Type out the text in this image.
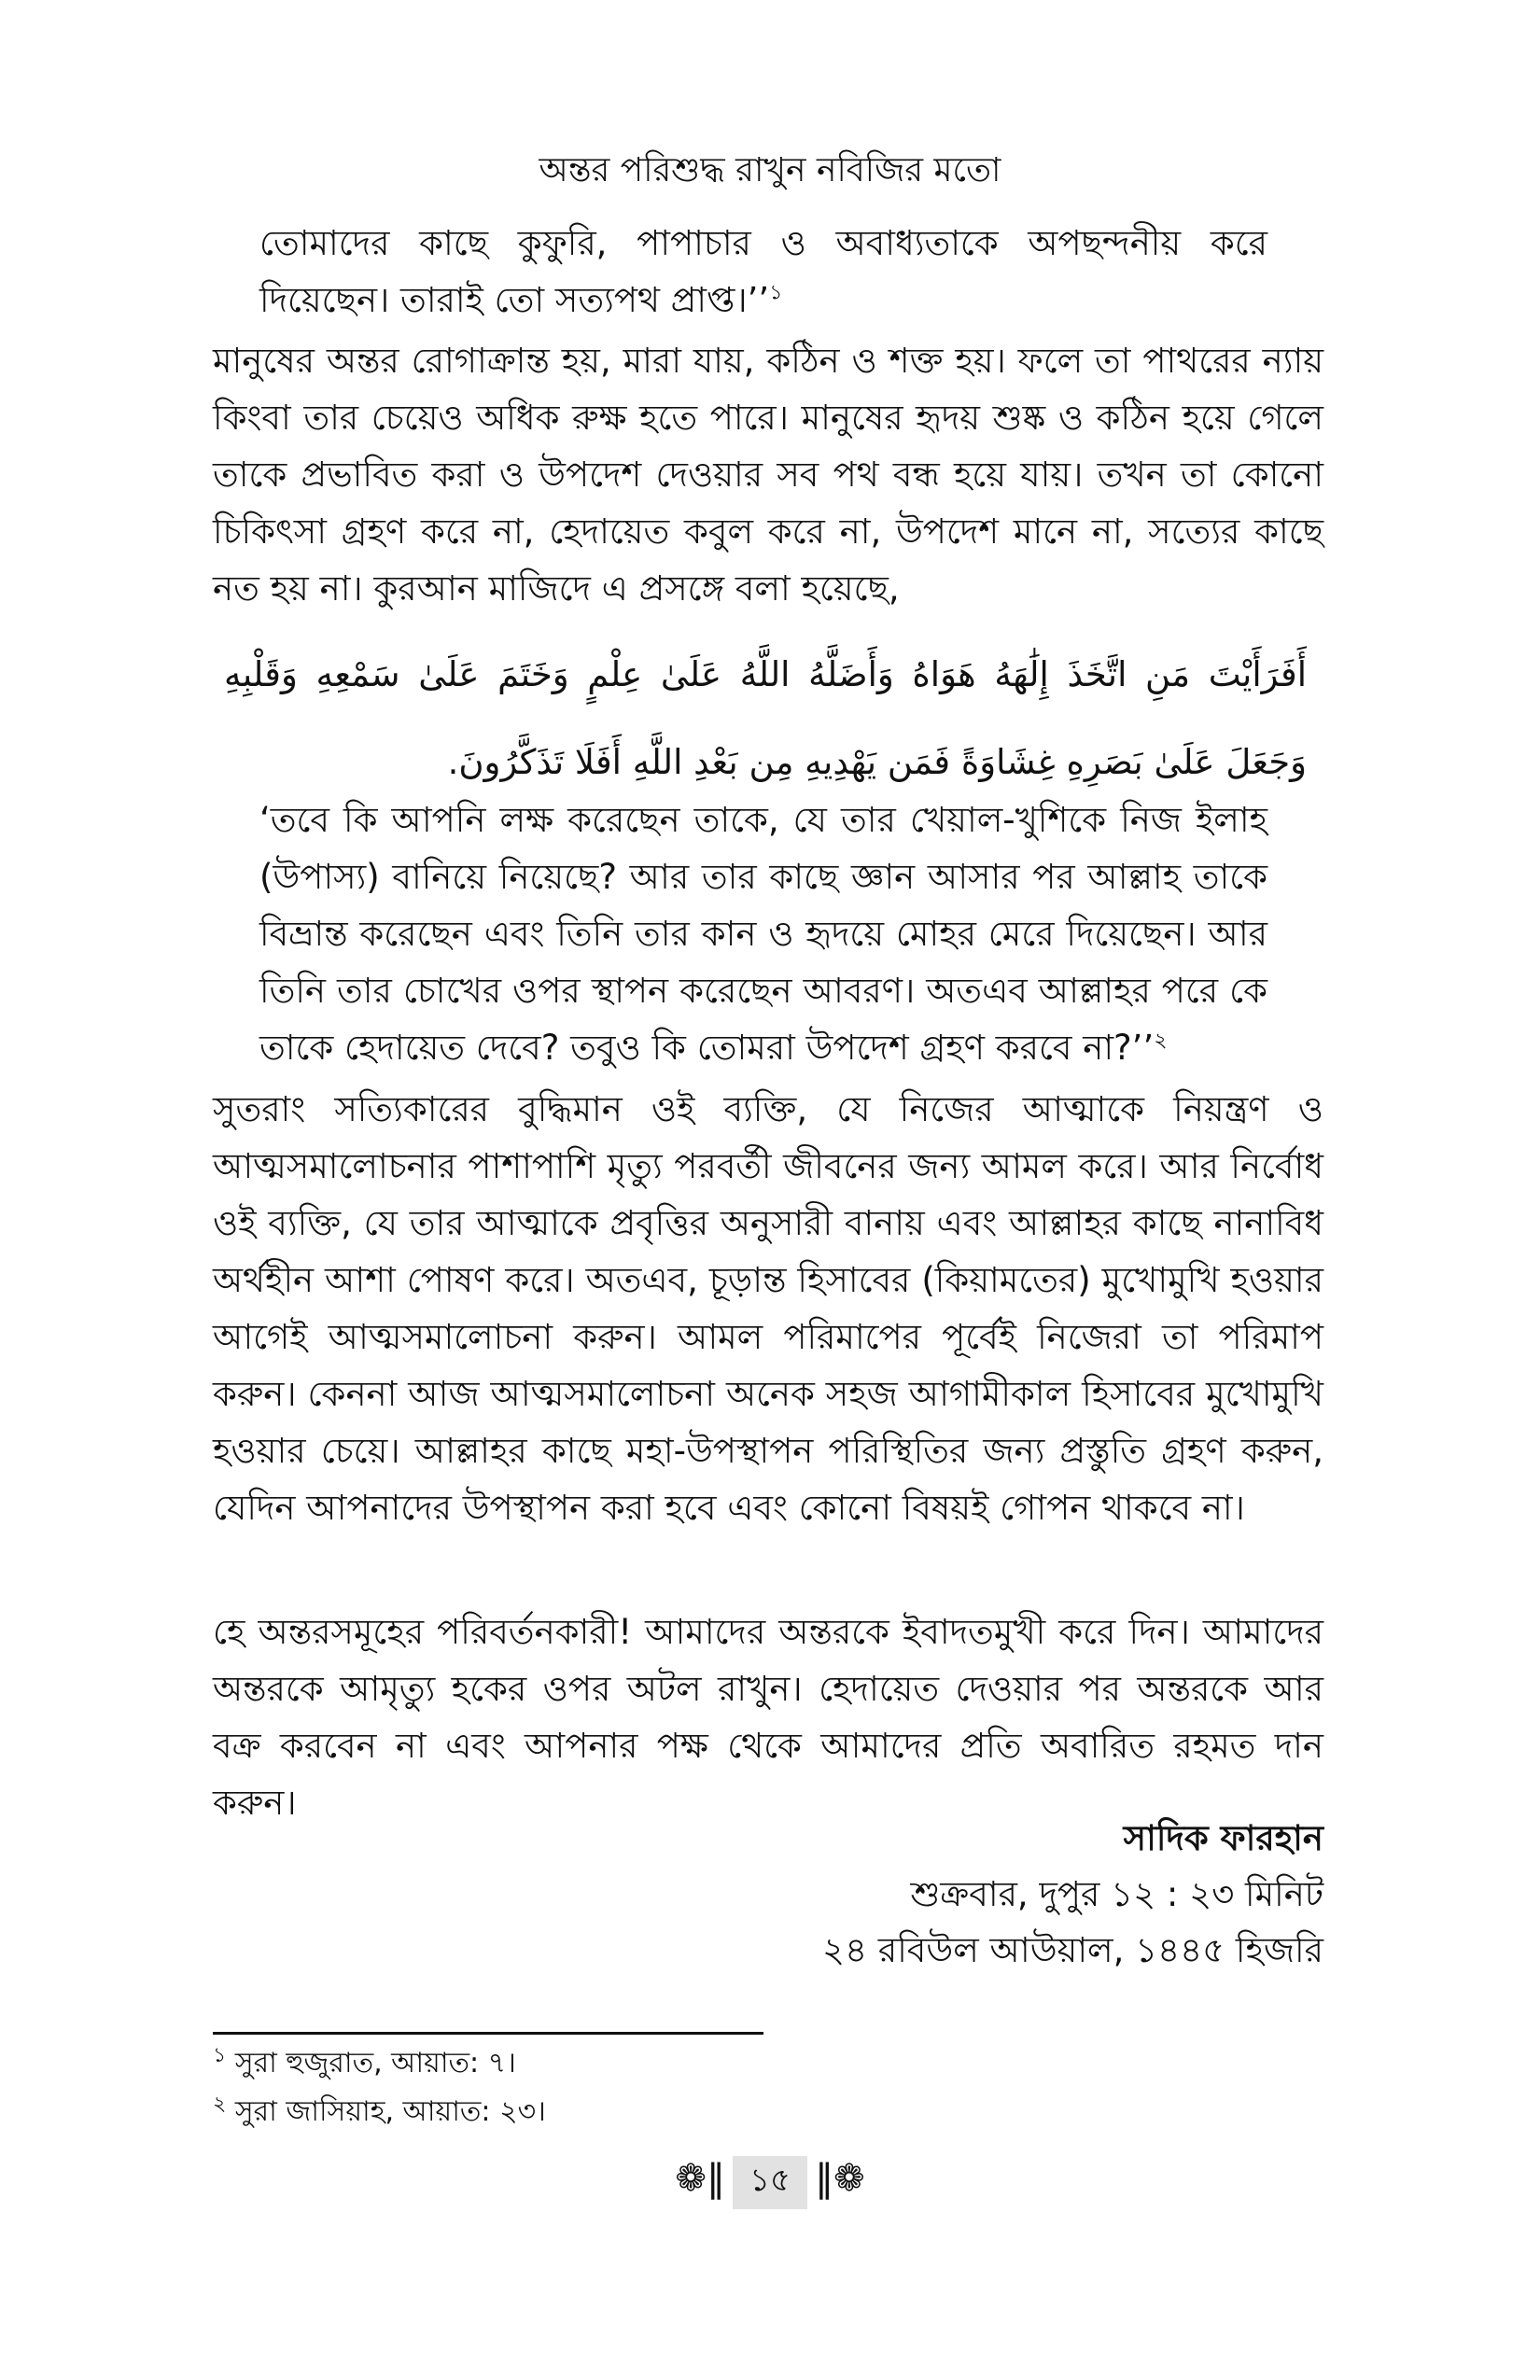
অন্তর পরিশুদ্ধ রাখুন নবিজির মতো

তোমাদের কাছে কুফুরি, পাপাচার ও অবাধ্যতাকে অপছন্দনীয় করে দিয়েছেন। তারাই তো সত্যপথ প্রাপ্ত।’’$^১$

মানুষের অন্তর রোগাক্রান্ত হয়, মারা যায়, কঠিন ও শক্ত হয়। ফলে তা পাথরের ন্যায় কিংবা তার চেয়েও অধিক রুক্ষ হতে পারে। মানুষের হৃদয় শুষ্ক ও কঠিন হয়ে গেলে তাকে প্রভাবিত করা ও উপদেশ দেওয়ার সব পথ বন্ধ হয়ে যায়। তখন তা কোনো চিকিৎসা গ্রহণ করে না, হেদায়েত কবুল করে না, উপদেশ মানে না, সত্যের কাছে নত হয় না। কুরআন মাজিদে এ প্রসঙ্গে বলা হয়েছে,

أَفَرَأَيْتَ مَنِ اتَّخَذَ إِلَٰهَهُ هَوَاهُ وَأَضَلَّهُ اللَّهُ عَلَىٰ عِلْمٍ وَخَتَمَ عَلَىٰ سَمْعِهِ وَقَلْبِهِ وَجَعَلَ عَلَىٰ بَصَرِهِ غِشَاوَةً فَمَن يَهْدِيهِ مِن بَعْدِ اللَّهِ أَفَلَا تَذَكَّرُونَ.

‘তবে কি আপনি লক্ষ করেছেন তাকে, যে তার খেয়াল-খুশিকে নিজ ইলাহ (উপাস্য) বানিয়ে নিয়েছে? আর তার কাছে জ্ঞান আসার পর আল্লাহ তাকে বিভ্রান্ত করেছেন এবং তিনি তার কান ও হৃদয়ে মোহর মেরে দিয়েছেন। আর তিনি তার চোখের ওপর স্থাপন করেছেন আবরণ। অতএব আল্লাহর পরে কে তাকে হেদায়েত দেবে? তবুও কি তোমরা উপদেশ গ্রহণ করবে না?’’$^২$

সুতরাং সত্যিকারের বুদ্ধিমান ওই ব্যক্তি, যে নিজের আত্মাকে নিয়ন্ত্রণ ও আত্মসমালোচনার পাশাপাশি মৃত্যু পরবর্তী জীবনের জন্য আমল করে। আর নির্বোধ ওই ব্যক্তি, যে তার আত্মাকে প্রবৃত্তির অনুসারী বানায় এবং আল্লাহর কাছে নানাবিধ অর্থহীন আশা পোষণ করে। অতএব, চূড়ান্ত হিসাবের (কিয়ামতের) মুখোমুখি হওয়ার আগেই আত্মসমালোচনা করুন। আমল পরিমাপের পূর্বেই নিজেরা তা পরিমাপ করুন। কেননা আজ আত্মসমালোচনা অনেক সহজ আগামীকাল হিসাবের মুখোমুখি হওয়ার চেয়ে। আল্লাহর কাছে মহা-উপস্থাপন পরিস্থিতির জন্য প্রস্তুতি গ্রহণ করুন, যেদিন আপনাদের উপস্থাপন করা হবে এবং কোনো বিষয়ই গোপন থাকবে না।

হে অন্তরসমূহের পরিবর্তনকারী! আমাদের অন্তরকে ইবাদতমুখী করে দিন। আমাদের অন্তরকে আমৃত্যু হকের ওপর অটল রাখুন। হেদায়েত দেওয়ার পর অন্তরকে আর বক্র করবেন না এবং আপনার পক্ষ থেকে আমাদের প্রতি অবারিত রহমত দান করুন।

সাদিক ফারহান
শুক্রবার, দুপুর ১২ : ২৩ মিনিট
২৪ রবিউল আউয়াল, ১৪৪৫ হিজরি
$^১$ সুরা হুজুরাত, আয়াত: ৭।
$^২$ সুরা জাসিয়াহ, আয়াত: ২৩।
❁‖ ১৫ ‖❁
